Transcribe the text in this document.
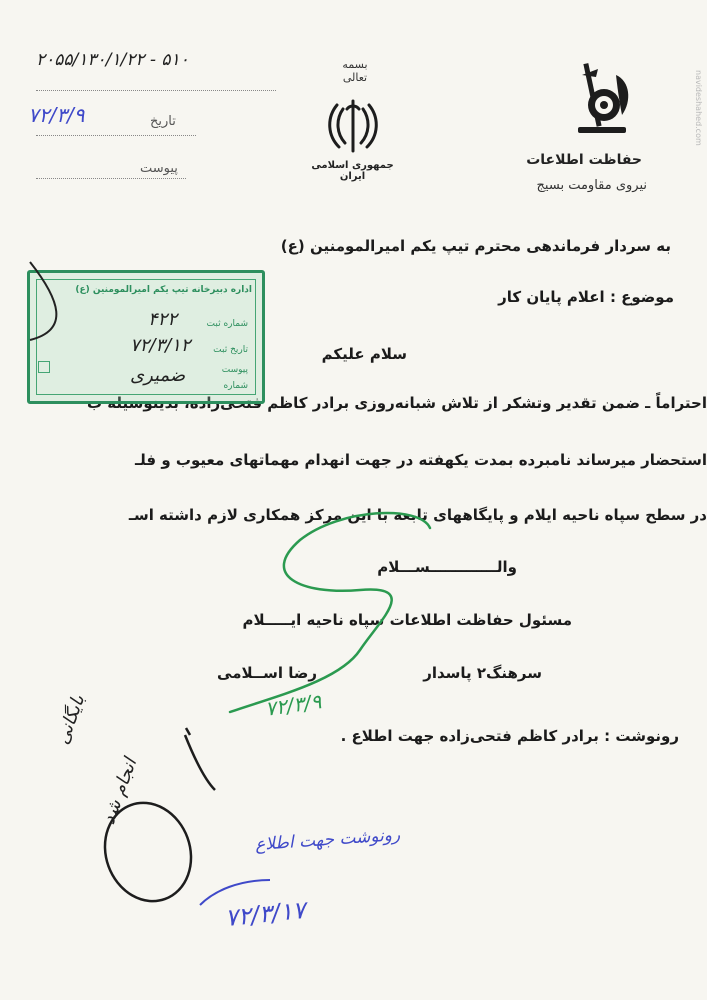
بسمه تعالی
جمهوری اسلامی ایران
حفاظت اطلاعات
نیروی مقاومت بسیج
۲۰۵۵/۱۳۰/۱/۲۲ - ۵۱۰
تاریخ
۷۲/۳/۹
پیوست
به سردار فرماندهی محترم تیپ یکم امیرالمومنین (ع)
موضوع : اعلام پایان کار
سلام علیکم
احتراماً ـ ضمن تقدیر وتشکر از تلاش شبانه‌روزی برادر کاظم فتحی‌زاده، بدینوسیله ب
استحضار میرساند نامبرده بمدت یکهفته در جهت انهدام مهماتهای معیوب و فلـ
در سطح سپاه ناحیه ایلام و پایگاههای تابعه با این مرکز همکاری لازم داشته اسـ
والـــــــــــــســـلام
مسئول حفاظت اطلاعات سپاه ناحیه ایـــــلام
سرهنگ۲ پاسدار
رضا اســلامی
رونوشت : برادر کاظم فتحی‌زاده جهت اطلاع .
اداره دبیرخانه تیپ یکم امیرالمومنین (ع)
شماره ثبت
۴۲۲
تاریخ ثبت
۷۲/۳/۱۲
پیوست
شماره
ضمیری
۷۲/۳/۹
بایگانی
انجام شد
رونوشت جهت اطلاع
۷۲/۳/۱۷
navideshahed.com
